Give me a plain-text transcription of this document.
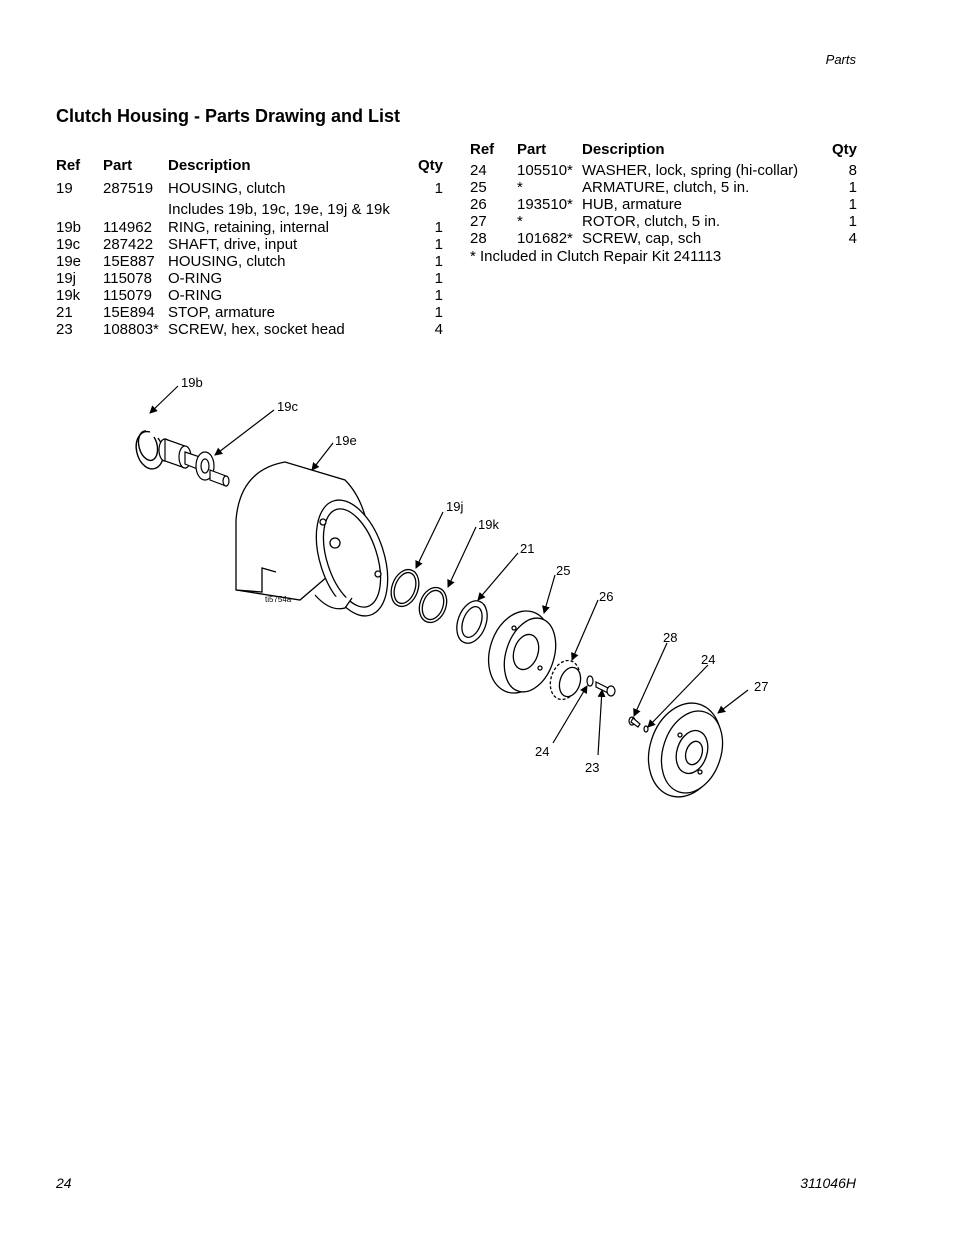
Parts
Clutch Housing - Parts Drawing and List
Ref	Part	Description	Qty
19	287519	HOUSING, clutch	1
		Includes 19b, 19c, 19e, 19j & 19k	
19b	114962	RING, retaining, internal	1
19c	287422	SHAFT, drive, input	1
19e	15E887	HOUSING, clutch	1
19j	115078	O-RING	1
19k	115079	O-RING	1
21	15E894	STOP, armature	1
23	108803*	SCREW, hex, socket head	4
Ref	Part	Description	Qty
24	105510*	WASHER, lock, spring (hi-collar)	8
25	*	ARMATURE, clutch, 5 in.	1
26	193510*	HUB, armature	1
27	*	ROTOR, clutch, 5 in.	1
28	101682*	SCREW, cap, sch	4
* Included in Clutch Repair Kit 241113
ti5754a
19b
19c
19e
19j
19k
21
25
26
28
24
27
24
23
24	311046H
